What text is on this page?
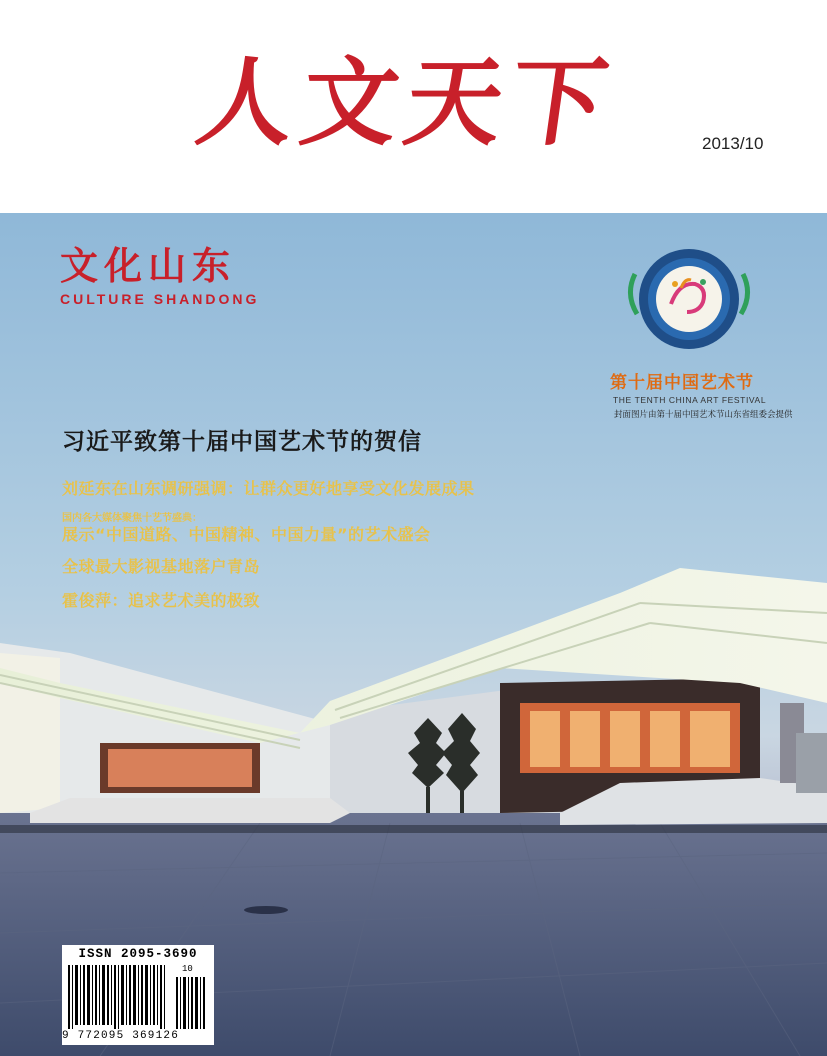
人文天下	2013/10
文化山东
CULTURE SHANDONG
第十届中国艺术节
THE TENTH CHINA ART FESTIVAL
封面图片由第十届中国艺术节山东省组委会提供
习近平致第十届中国艺术节的贺信
刘延东在山东调研强调：让群众更好地享受文化发展成果
国内各大媒体聚焦十艺节盛典：
展示“中国道路、中国精神、中国力量”的艺术盛会
全球最大影视基地落户青岛
霍俊萍：追求艺术美的极致
ISSN 2095-3690
10
9 772095 369126
